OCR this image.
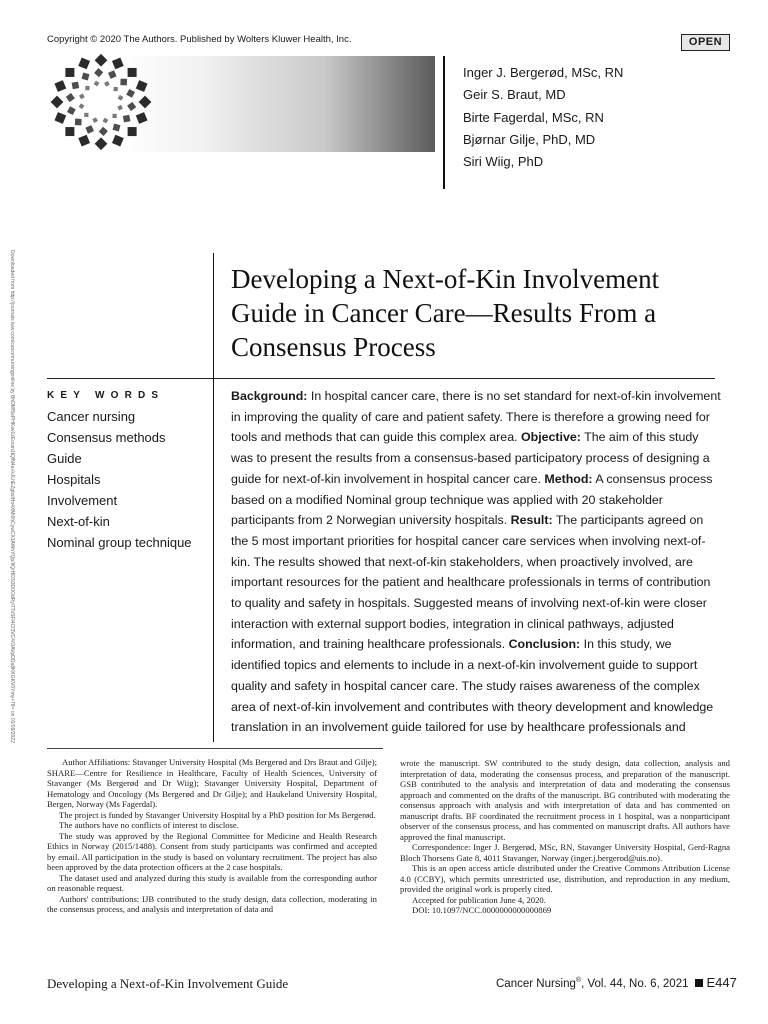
Copyright © 2020 The Authors. Published by Wolters Kluwer Health, Inc.	OPEN
Inger J. Bergerød, MSc, RN
Geir S. Braut, MD
Birte Fagerdal, MSc, RN
Bjørnar Gilje, PhD, MD
Siri Wiig, PhD
Downloaded from http://journals.lww.com/cancernursingonline by BhDMf5ePHKav1zEoum1tQfN4a+kJLhEZgbsIHo4XMi0hCywCX1AWnYQp/IlQrHD3i3D0OdRyi7TvSFl4Cf3VC4/OAVpDDa8KKGKV0Ymy+78= on 01/09/2022	Developing a Next-of-Kin Involvement
Guide in Cancer Care—Results From a
Consensus Process
KEY WORDS
Cancer nursing
Consensus methods
Guide
Hospitals
Involvement
Next-of-kin
Nominal group technique
Background: In hospital cancer care, there is no set standard for next-of-kin involvement in improving the quality of care and patient safety. There is therefore a growing need for tools and methods that can guide this complex area. Objective: The aim of this study was to present the results from a consensus-based participatory process of designing a guide for next-of-kin involvement in hospital cancer care. Method: A consensus process based on a modified Nominal group technique was applied with 20 stakeholder participants from 2 Norwegian university hospitals. Result: The participants agreed on the 5 most important priorities for hospital cancer care services when involving next-of-kin. The results showed that next-of-kin stakeholders, when proactively involved, are important resources for the patient and healthcare professionals in terms of contribution to quality and safety in hospitals. Suggested means of involving next-of-kin were closer interaction with external support bodies, integration in clinical pathways, adjusted information, and training healthcare professionals. Conclusion: In this study, we identified topics and elements to include in a next-of-kin involvement guide to support quality and safety in hospital cancer care. The study raises awareness of the complex area of next-of-kin involvement and contributes with theory development and knowledge translation in an involvement guide tailored for use by healthcare professionals and

Author Affiliations: Stavanger University Hospital (Ms Bergerød and Drs Braut and Gilje); SHARE—Centre for Resilience in Healthcare, Faculty of Health Sciences, University of Stavanger (Ms Bergerød and Dr Wiig); Stavanger University Hospital, Department of Hematology and Oncology (Ms Bergerød and Dr Gilje); and Haukeland University Hospital, Bergen, Norway (Ms Fagerdal).

The project is funded by Stavanger University Hospital by a PhD position for Ms Bergerød.

The authors have no conflicts of interest to disclose.

The study was approved by the Regional Committee for Medicine and Health Research Ethics in Norway (2015/1488). Consent from study participants was confirmed and accepted by email. All participation in the study is based on voluntary recruitment. The project has also been approved by the data protection officers at the 2 case hospitals.

The dataset used and analyzed during this study is available from the corresponding author on reasonable request.

Authors' contributions: IJB contributed to the study design, data collection, moderating in the consensus process, and analysis and interpretation of data and

wrote the manuscript. SW contributed to the study design, data collection, analysis and interpretation of data, moderating the consensus process, and preparation of the manuscript. GSB contributed to the analysis and interpretation of data and moderating the consensus approach and commented on the drafts of the manuscript. BG contributed with moderating the consensus approach with analysis and with interpretation of data and has commented on manuscript drafts. BF coordinated the recruitment process in 1 hospital, was a nonparticipant observer of the consensus process, and has commented on manuscript drafts. All authors have approved the final manuscript.

Correspondence: Inger J. Bergerød, MSc, RN, Stavanger University Hospital, Gerd-Ragna Bloch Thorsens Gate 8, 4011 Stavanger, Norway (inger.j.bergerod@uis.no).

This is an open access article distributed under the Creative Commons Attribution License 4.0 (CCBY), which permits unrestricted use, distribution, and reproduction in any medium, provided the original work is properly cited.

Accepted for publication June 4, 2020.

DOI: 10.1097/NCC.0000000000000869

Developing a Next-of-Kin Involvement Guide	Cancer Nursing®, Vol. 44, No. 6, 2021 E447
